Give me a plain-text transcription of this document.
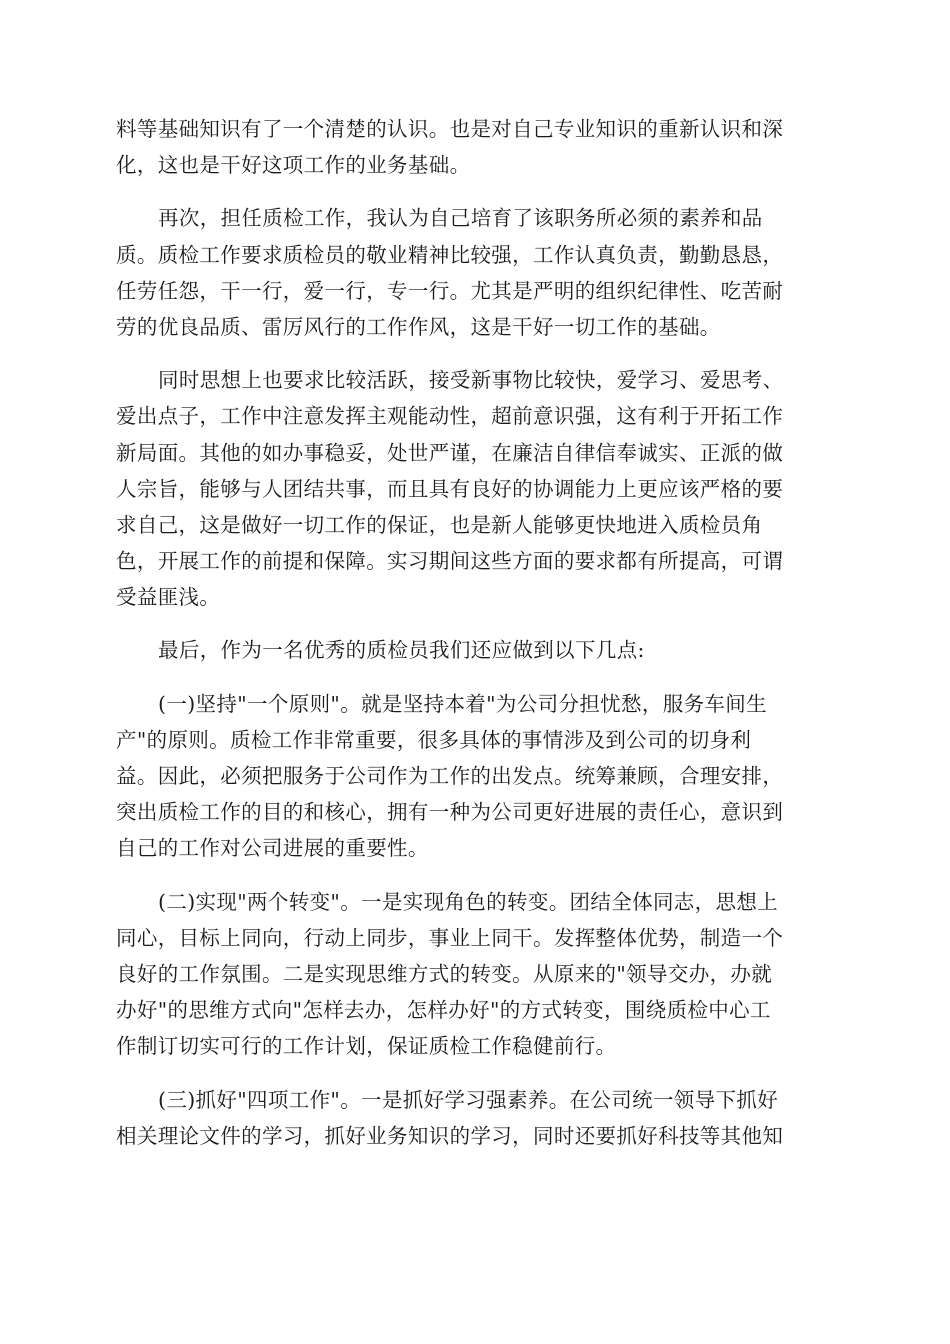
料等基础知识有了一个清楚的认识。也是对自己专业知识的重新认识和深
化，这也是干好这项工作的业务基础。
再次，担任质检工作，我认为自己培育了该职务所必须的素养和品
质。质检工作要求质检员的敬业精神比较强，工作认真负责，勤勤恳恳，
任劳任怨，干一行，爱一行，专一行。尤其是严明的组织纪律性、吃苦耐
劳的优良品质、雷厉风行的工作作风，这是干好一切工作的基础。
同时思想上也要求比较活跃，接受新事物比较快，爱学习、爱思考、
爱出点子，工作中注意发挥主观能动性，超前意识强，这有利于开拓工作
新局面。其他的如办事稳妥，处世严谨，在廉洁自律信奉诚实、正派的做
人宗旨，能够与人团结共事，而且具有良好的协调能力上更应该严格的要
求自己，这是做好一切工作的保证，也是新人能够更快地进入质检员角
色，开展工作的前提和保障。实习期间这些方面的要求都有所提高，可谓
受益匪浅。
最后，作为一名优秀的质检员我们还应做到以下几点:
(一)坚持"一个原则"。就是坚持本着"为公司分担忧愁，服务车间生
产"的原则。质检工作非常重要，很多具体的事情涉及到公司的切身利
益。因此，必须把服务于公司作为工作的出发点。统筹兼顾，合理安排，
突出质检工作的目的和核心，拥有一种为公司更好进展的责任心，意识到
自己的工作对公司进展的重要性。
(二)实现"两个转变"。一是实现角色的转变。团结全体同志，思想上
同心，目标上同向，行动上同步，事业上同干。发挥整体优势，制造一个
良好的工作氛围。二是实现思维方式的转变。从原来的"领导交办，办就
办好"的思维方式向"怎样去办，怎样办好"的方式转变，围绕质检中心工
作制订切实可行的工作计划，保证质检工作稳健前行。
(三)抓好"四项工作"。一是抓好学习强素养。在公司统一领导下抓好
相关理论文件的学习，抓好业务知识的学习，同时还要抓好科技等其他知
